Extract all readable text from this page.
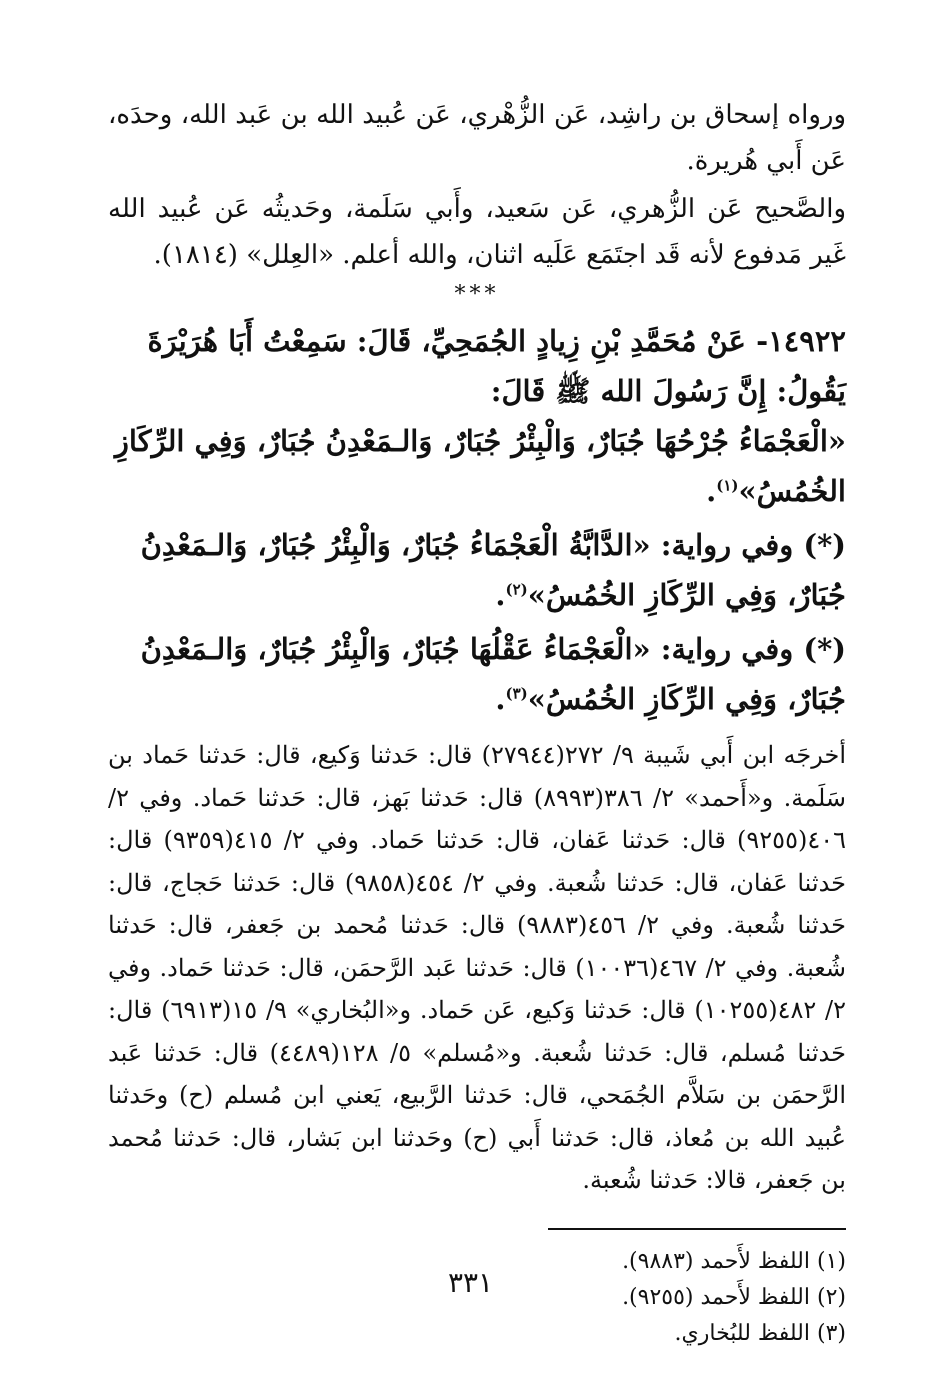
ورواه إسحاق بن راشِد، عَن الزُّهْري، عَن عُبيد الله بن عَبد الله، وحدَه، عَن أَبي هُريرة.

والصَّحيح عَن الزُّهري، عَن سَعيد، وأَبي سَلَمة، وحَديثُه عَن عُبيد الله غَير مَدفوع لأنه قَد اجتَمَع عَلَيه اثنان، والله أعلم. «العِلل» (١٨١٤).

***

١٤٩٢٢- عَنْ مُحَمَّدِ بْنِ زِيادٍ الجُمَحِيِّ، قَالَ: سَمِعْتُ أَبَا هُرَيْرَةَ يَقُولُ: إِنَّ رَسُولَ الله ﷺ قَالَ:

«الْعَجْمَاءُ جُرْحُهَا جُبَارٌ، وَالْبِئْرُ جُبَارٌ، وَالـمَعْدِنُ جُبَارٌ، وَفِي الرِّكَازِ الخُمُسُ»$^{(١)}$.

(*) وفي رواية: «الدَّابَّةُ الْعَجْمَاءُ جُبَارٌ، وَالْبِئْرُ جُبَارٌ، وَالـمَعْدِنُ جُبَارٌ، وَفِي الرِّكَازِ الخُمُسُ»$^{(٢)}$.

(*) وفي رواية: «الْعَجْمَاءُ عَقْلُهَا جُبَارٌ، وَالْبِئْرُ جُبَارٌ، وَالـمَعْدِنُ جُبَارٌ، وَفِي الرِّكَازِ الخُمُسُ»$^{(٣)}$.

أخرجَه ابن أَبي شَيبة ٩/ ٢٧٢(٢٧٩٤٤) قال: حَدثنا وَكيع، قال: حَدثنا حَماد بن سَلَمة. و«أَحمد» ٢/ ٣٨٦(٨٩٩٣) قال: حَدثنا بَهز، قال: حَدثنا حَماد. وفي ٢/ ٤٠٦(٩٢٥٥) قال: حَدثنا عَفان، قال: حَدثنا حَماد. وفي ٢/ ٤١٥(٩٣٥٩) قال: حَدثنا عَفان، قال: حَدثنا شُعبة. وفي ٢/ ٤٥٤(٩٨٥٨) قال: حَدثنا حَجاج، قال: حَدثنا شُعبة. وفي ٢/ ٤٥٦(٩٨٨٣) قال: حَدثنا مُحمد بن جَعفر، قال: حَدثنا شُعبة. وفي ٢/ ٤٦٧(١٠٠٣٦) قال: حَدثنا عَبد الرَّحمَن، قال: حَدثنا حَماد. وفي ٢/ ٤٨٢(١٠٢٥٥) قال: حَدثنا وَكيع، عَن حَماد. و«البُخاري» ٩/ ١٥(٦٩١٣) قال: حَدثنا مُسلم، قال: حَدثنا شُعبة. و«مُسلم» ٥/ ١٢٨(٤٤٨٩) قال: حَدثنا عَبد الرَّحمَن بن سَلاَّم الجُمَحي، قال: حَدثنا الرَّبيع، يَعني ابن مُسلم (ح) وحَدثنا عُبيد الله بن مُعاذ، قال: حَدثنا أَبي (ح) وحَدثنا ابن بَشار، قال: حَدثنا مُحمد بن جَعفر، قالا: حَدثنا شُعبة.

(١) اللفظ لأَحمد (٩٨٨٣).

(٢) اللفظ لأَحمد (٩٢٥٥).

(٣) اللفظ للبُخاري.

٣٣١
